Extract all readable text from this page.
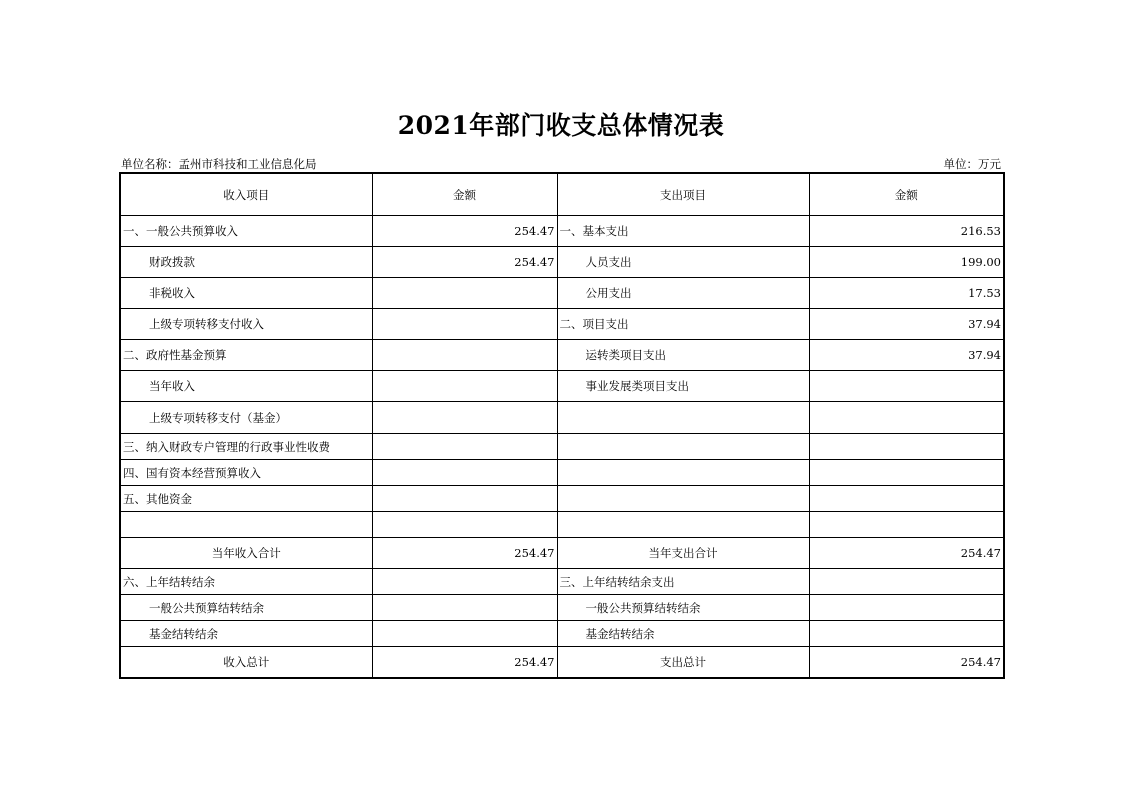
2021年部门收支总体情况表
单位名称：孟州市科技和工业信息化局	单位：万元
收入项目	金额	支出项目	金额
一、一般公共预算收入	254.47	一、基本支出	216.53
财政拨款	254.47	人员支出	199.00
非税收入		公用支出	17.53
上级专项转移支付收入		二、项目支出	37.94
二、政府性基金预算		运转类项目支出	37.94
当年收入		事业发展类项目支出	
上级专项转移支付（基金）			
三、纳入财政专户管理的行政事业性收费			
四、国有资本经营预算收入			
五、其他资金			

当年收入合计	254.47	当年支出合计	254.47
六、上年结转结余		三、上年结转结余支出	
一般公共预算结转结余		一般公共预算结转结余	
基金结转结余		基金结转结余	
收入总计	254.47	支出总计	254.47
